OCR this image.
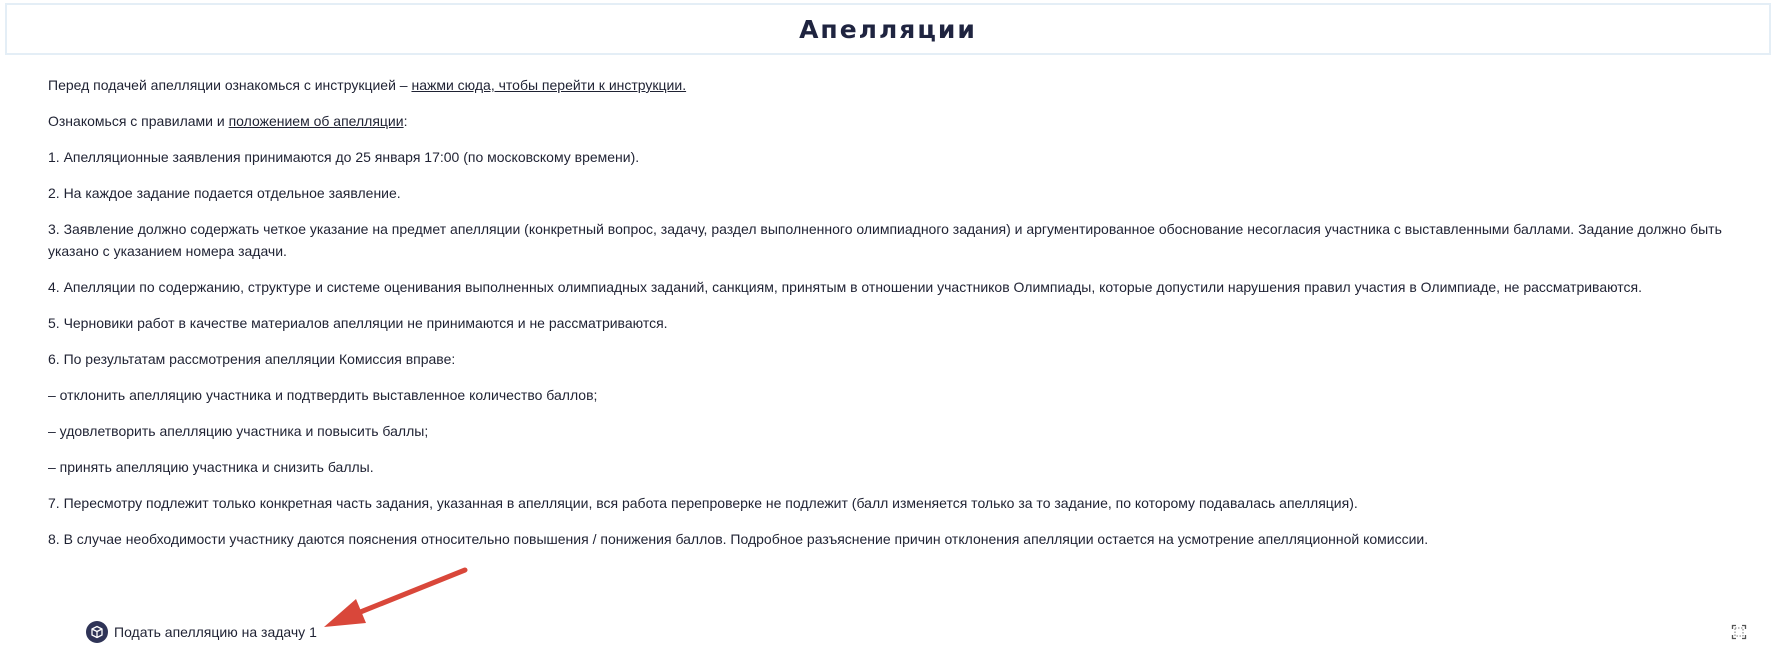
Апелляции

Перед подачей апелляции ознакомься с инструкцией – нажми сюда, чтобы перейти к инструкции.

Ознакомься с правилами и положением об апелляции:

1. Апелляционные заявления принимаются до 25 января 17:00 (по московскому времени).

2. На каждое задание подается отдельное заявление.

3. Заявление должно содержать четкое указание на предмет апелляции (конкретный вопрос, задачу, раздел выполненного олимпиадного задания) и аргументированное обоснование несогласия участника с выставленными баллами. Задание должно быть указано с указанием номера задачи.

4. Апелляции по содержанию, структуре и системе оценивания выполненных олимпиадных заданий, санкциям, принятым в отношении участников Олимпиады, которые допустили нарушения правил участия в Олимпиаде, не рассматриваются.

5. Черновики работ в качестве материалов апелляции не принимаются и не рассматриваются.

6. По результатам рассмотрения апелляции Комиссия вправе:

– отклонить апелляцию участника и подтвердить выставленное количество баллов;

– удовлетворить апелляцию участника и повысить баллы;

– принять апелляцию участника и снизить баллы.

7. Пересмотру подлежит только конкретная часть задания, указанная в апелляции, вся работа перепроверке не подлежит (балл изменяется только за то задание, по которому подавалась апелляция).

8. В случае необходимости участнику даются пояснения относительно повышения / понижения баллов. Подробное разъяснение причин отклонения апелляции остается на усмотрение апелляционной комиссии.

Подать апелляцию на задачу 1
